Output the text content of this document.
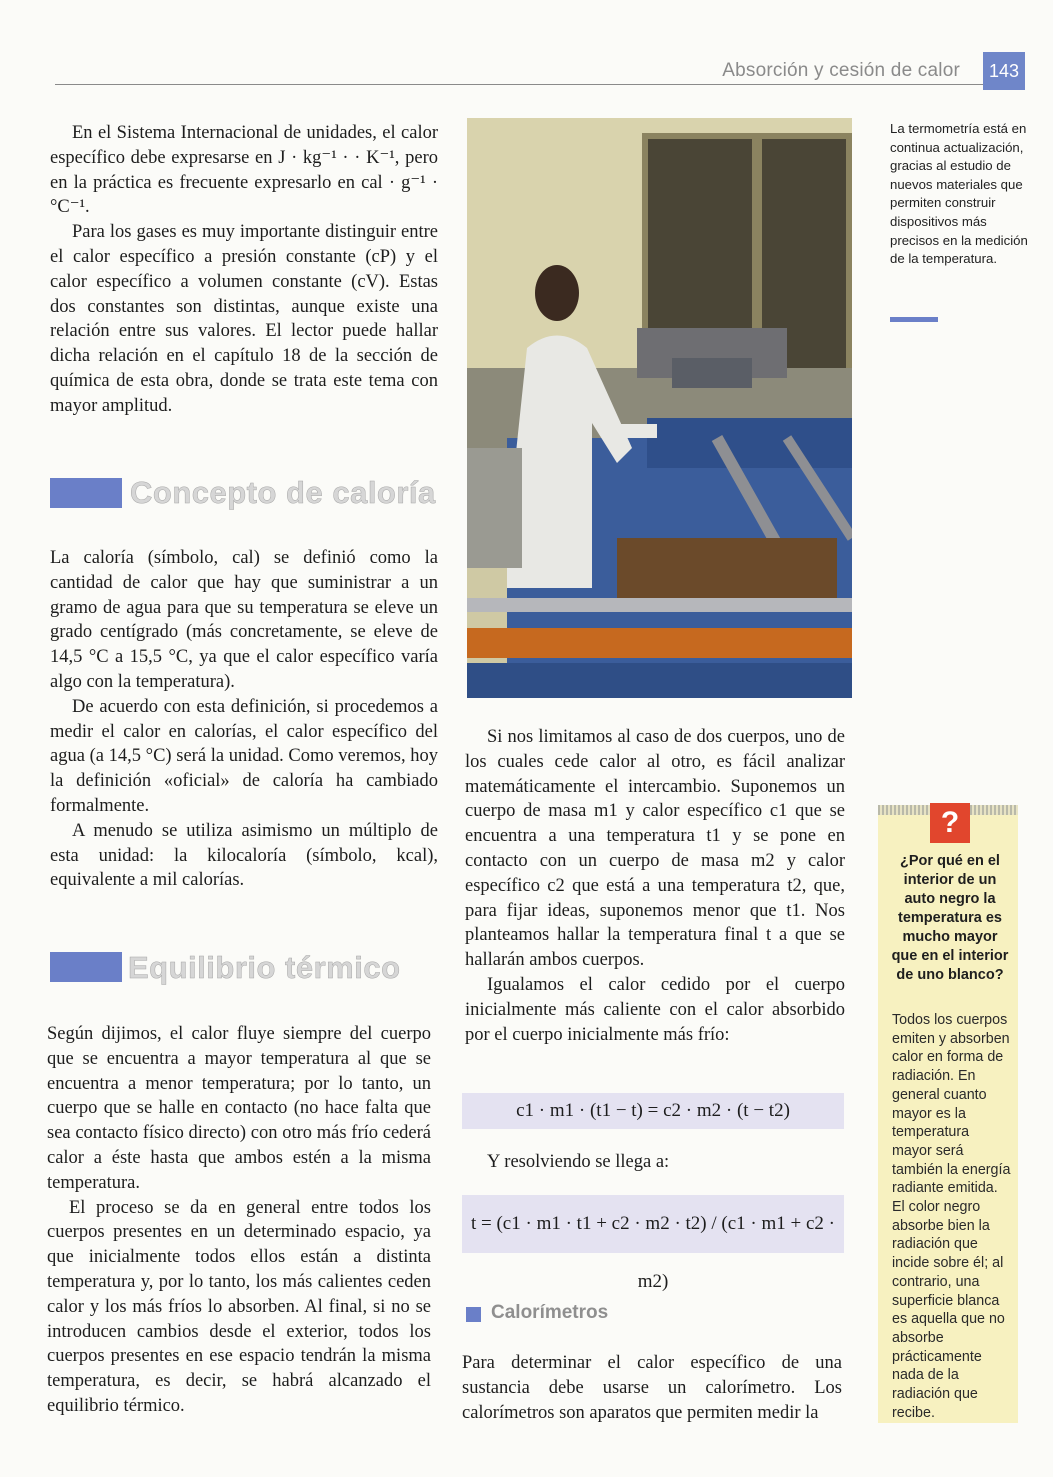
Absorción y cesión de calor	143

En el Sistema Internacional de unidades, el calor específico debe expresarse en J · kg⁻¹ · · K⁻¹, pero en la práctica es frecuente expresarlo en cal · g⁻¹ · °C⁻¹.

Para los gases es muy importante distinguir entre el calor específico a presión constante (cP) y el calor específico a volumen constante (cV). Estas dos constantes son distintas, aunque existe una relación entre sus valores. El lector puede hallar dicha relación en el capítulo 18 de la sección de química de esta obra, donde se trata este tema con mayor amplitud.

Concepto de caloría

La caloría (símbolo, cal) se definió como la cantidad de calor que hay que suministrar a un gramo de agua para que su temperatura se eleve un grado centígrado (más concretamente, se eleve de 14,5 °C a 15,5 °C, ya que el calor específico varía algo con la temperatura).

De acuerdo con esta definición, si procedemos a medir el calor en calorías, el calor específico del agua (a 14,5 °C) será la unidad. Como veremos, hoy la definición «oficial» de caloría ha cambiado formalmente.

A menudo se utiliza asimismo un múltiplo de esta unidad: la kilocaloría (símbolo, kcal), equivalente a mil calorías.

Equilibrio térmico

Según dijimos, el calor fluye siempre del cuerpo que se encuentra a mayor temperatura al que se encuentra a menor temperatura; por lo tanto, un cuerpo que se halle en contacto (no hace falta que sea contacto físico directo) con otro más frío cederá calor a éste hasta que ambos estén a la misma temperatura.

El proceso se da en general entre todos los cuerpos presentes en un determinado espacio, ya que inicialmente todos ellos están a distinta temperatura y, por lo tanto, los más calientes ceden calor y los más fríos lo absorben. Al final, si no se introducen cambios desde el exterior, todos los cuerpos presentes en ese espacio tendrán la misma temperatura, es decir, se habrá alcanzado el equilibrio térmico.

La termometría está en continua actualización, gracias al estudio de nuevos materiales que permiten construir dispositivos más precisos en la medición de la temperatura.

Si nos limitamos al caso de dos cuerpos, uno de los cuales cede calor al otro, es fácil analizar matemáticamente el intercambio. Suponemos un cuerpo de masa m1 y calor específico c1 que se encuentra a una temperatura t1 y se pone en contacto con un cuerpo de masa m2 y calor específico c2 que está a una temperatura t2, que, para fijar ideas, suponemos menor que t1. Nos planteamos hallar la temperatura final t a que se hallarán ambos cuerpos.

Igualamos el calor cedido por el cuerpo inicialmente más caliente con el calor absorbido por el cuerpo inicialmente más frío:

c1 · m1 · (t1 − t) = c2 · m2 · (t − t2)

Y resolviendo se llega a:

t = (c1 · m1 · t1 + c2 · m2 · t2) / (c1 · m1 + c2 · m2)
Calorímetros

Para determinar el calor específico de una sustancia debe usarse un calorímetro. Los calorímetros son aparatos que permiten medir la

?
¿Por qué en el interior de un auto negro la temperatura es mucho mayor que en el interior de uno blanco?
Todos los cuerpos emiten y absorben calor en forma de radiación. En general cuanto mayor es la temperatura mayor será también la energía radiante emitida. El color negro absorbe bien la radiación que incide sobre él; al contrario, una superficie blanca es aquella que no absorbe prácticamente nada de la radiación que recibe.
